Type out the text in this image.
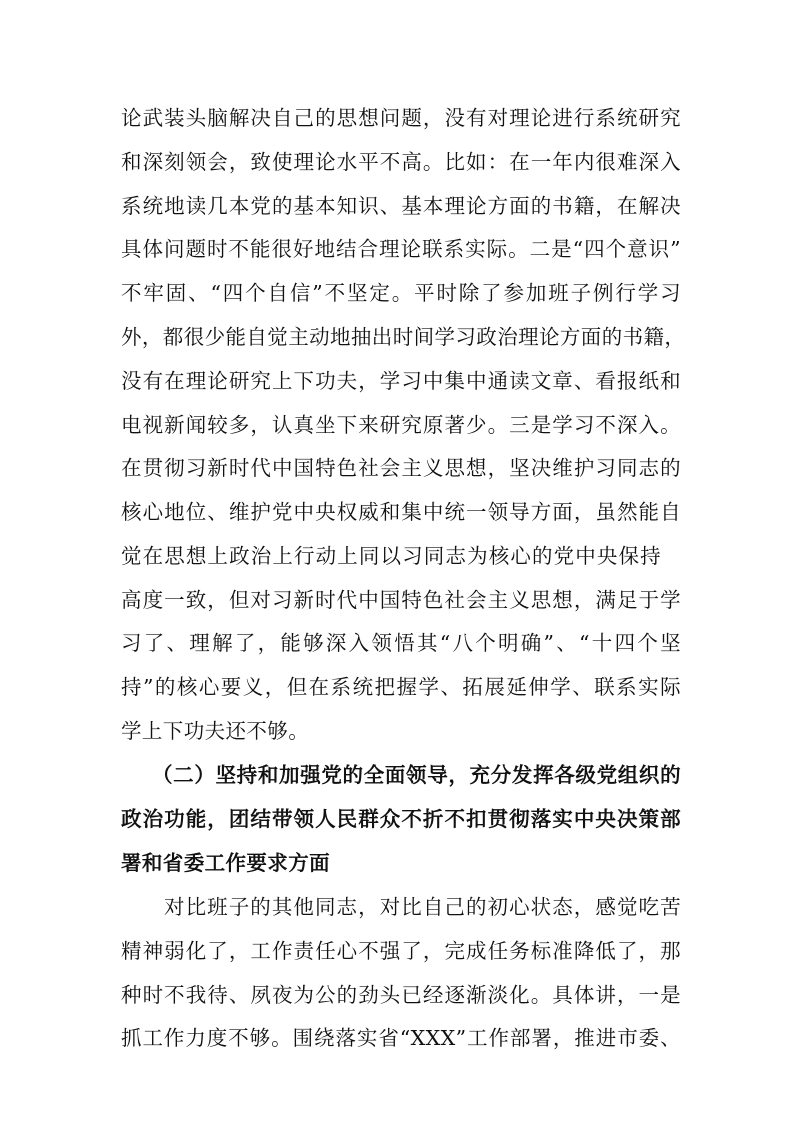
论武装头脑解决自己的思想问题，没有对理论进行系统研究
和深刻领会，致使理论水平不高。比如：在一年内很难深入
系统地读几本党的基本知识、基本理论方面的书籍，在解决
具体问题时不能很好地结合理论联系实际。二是“四个意识”
不牢固、“四个自信”不坚定。平时除了参加班子例行学习
外，都很少能自觉主动地抽出时间学习政治理论方面的书籍，
没有在理论研究上下功夫，学习中集中通读文章、看报纸和
电视新闻较多，认真坐下来研究原著少。三是学习不深入。
在贯彻习新时代中国特色社会主义思想，坚决维护习同志的
核心地位、维护党中央权威和集中统一领导方面，虽然能自
觉在思想上政治上行动上同以习同志为核心的党中央保持
高度一致，但对习新时代中国特色社会主义思想，满足于学
习了、理解了，能够深入领悟其“八个明确”、“十四个坚
持”的核心要义，但在系统把握学、拓展延伸学、联系实际
学上下功夫还不够。
（二）坚持和加强党的全面领导，充分发挥各级党组织的
政治功能，团结带领人民群众不折不扣贯彻落实中央决策部
署和省委工作要求方面
对比班子的其他同志，对比自己的初心状态，感觉吃苦
精神弱化了，工作责任心不强了，完成任务标准降低了，那
种时不我待、夙夜为公的劲头已经逐渐淡化。具体讲，一是
抓工作力度不够。围绕落实省“XXX”工作部署，推进市委、
